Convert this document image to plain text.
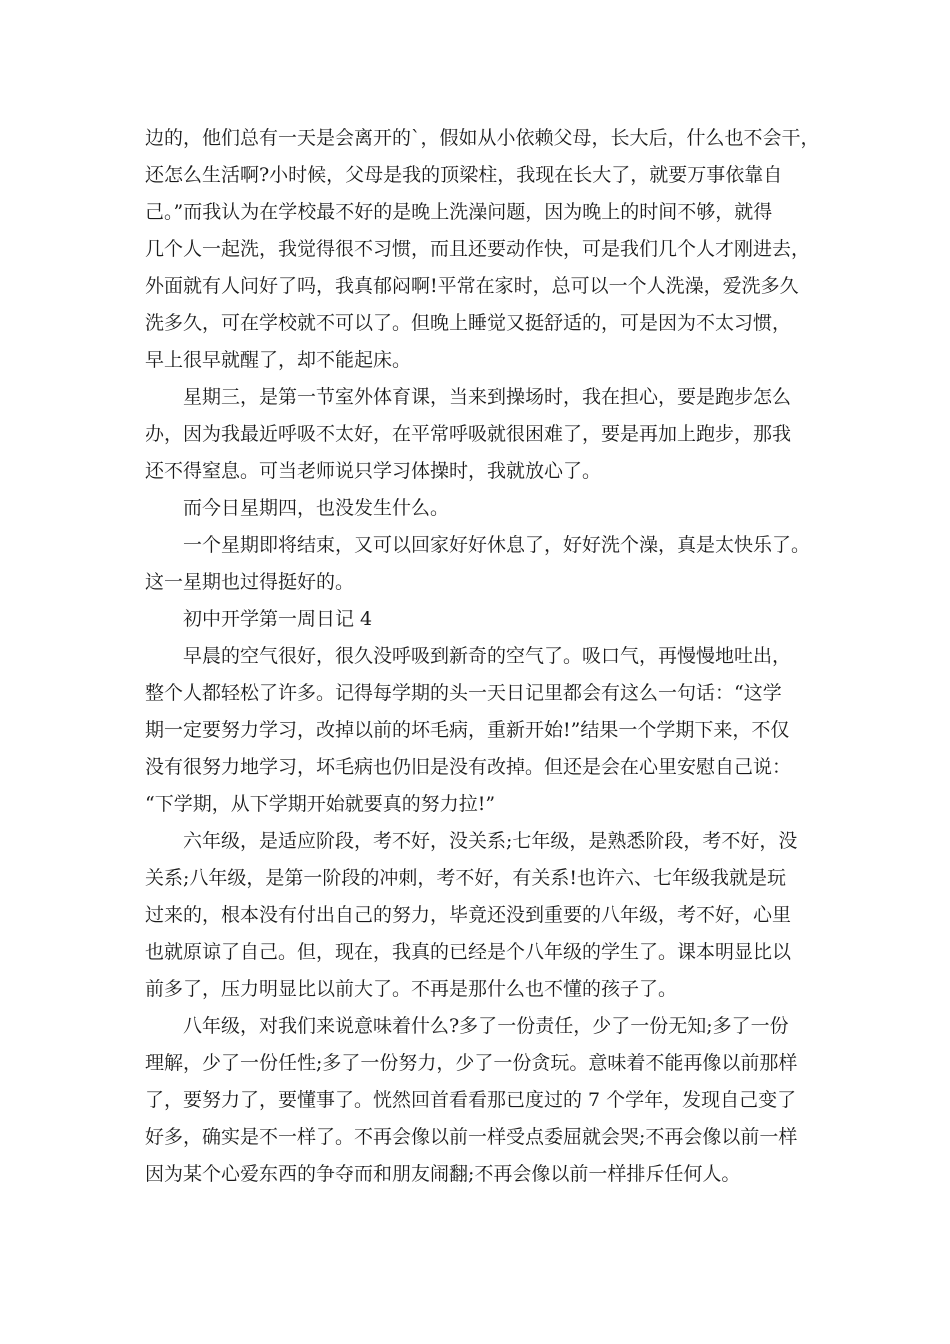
边的，他们总有一天是会离开的`，假如从小依赖父母，长大后，什么也不会干，

还怎么生活啊?小时候，父母是我的顶梁柱，我现在长大了，就要万事依靠自

己。”而我认为在学校最不好的是晚上洗澡问题，因为晚上的时间不够，就得

几个人一起洗，我觉得很不习惯，而且还要动作快，可是我们几个人才刚进去，

外面就有人问好了吗，我真郁闷啊!平常在家时，总可以一个人洗澡，爱洗多久

洗多久，可在学校就不可以了。但晚上睡觉又挺舒适的，可是因为不太习惯，

早上很早就醒了，却不能起床。

星期三，是第一节室外体育课，当来到操场时，我在担心，要是跑步怎么

办，因为我最近呼吸不太好，在平常呼吸就很困难了，要是再加上跑步，那我

还不得窒息。可当老师说只学习体操时，我就放心了。

而今日星期四，也没发生什么。

一个星期即将结束，又可以回家好好休息了，好好洗个澡，真是太快乐了。

这一星期也过得挺好的。

初中开学第一周日记 4

早晨的空气很好，很久没呼吸到新奇的空气了。吸口气，再慢慢地吐出，

整个人都轻松了许多。记得每学期的头一天日记里都会有这么一句话：“这学

期一定要努力学习，改掉以前的坏毛病，重新开始!”结果一个学期下来，不仅

没有很努力地学习，坏毛病也仍旧是没有改掉。但还是会在心里安慰自己说：

“下学期，从下学期开始就要真的努力拉!”

六年级，是适应阶段，考不好，没关系;七年级，是熟悉阶段，考不好，没

关系;八年级，是第一阶段的冲刺，考不好，有关系!也许六、七年级我就是玩

过来的，根本没有付出自己的努力，毕竟还没到重要的八年级，考不好，心里

也就原谅了自己。但，现在，我真的已经是个八年级的学生了。课本明显比以

前多了，压力明显比以前大了。不再是那什么也不懂的孩子了。

八年级，对我们来说意味着什么?多了一份责任，少了一份无知;多了一份

理解，少了一份任性;多了一份努力，少了一份贪玩。意味着不能再像以前那样

了，要努力了，要懂事了。恍然回首看看那已度过的 7 个学年，发现自己变了

好多，确实是不一样了。不再会像以前一样受点委屈就会哭;不再会像以前一样

因为某个心爱东西的争夺而和朋友闹翻;不再会像以前一样排斥任何人。
